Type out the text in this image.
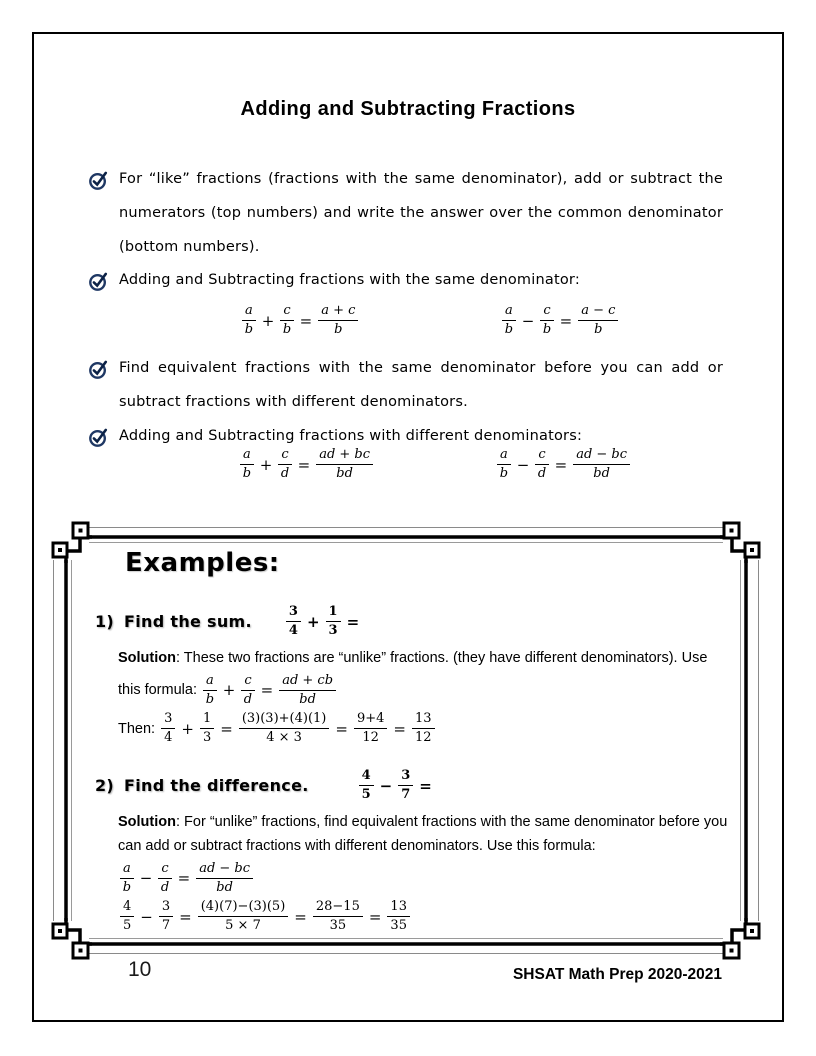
Adding and Subtracting Fractions

For “like” fractions (fractions with the same denominator), add or subtract the numerators (top numbers) and write the answer over the common denominator (bottom numbers).

Adding and Subtracting fractions with the same denominator:

$\frac{a}{b} + \frac{c}{b} = \frac{a + c}{b}$	$\frac{a}{b} - \frac{c}{b} = \frac{a - c}{b}$

Find equivalent fractions with the same denominator before you can add or subtract fractions with different denominators.

Adding and Subtracting fractions with different denominators:

$\frac{a}{b} + \frac{c}{d} = \frac{ad + bc}{bd}$	$\frac{a}{b} - \frac{c}{d} = \frac{ad - bc}{bd}$
Examples:
1) Find the sum.	$\frac{3}{4} + \frac{1}{3}$ =

Solution: These two fractions are “unlike” fractions. (they have different denominators). Use

this formula: $\frac{a}{b} + \frac{c}{d} = \frac{ad + cb}{bd}$
Then: $\frac{3}{4} + \frac{1}{3} = \frac{(3)(3)+(4)(1)}{4 \times 3} = \frac{9+4}{12} = \frac{13}{12}$
2) Find the difference.	$\frac{4}{5} - \frac{3}{7}$ =

Solution: For “unlike” fractions, find equivalent fractions with the same denominator before you can add or subtract fractions with different denominators. Use this formula:

$\frac{a}{b} - \frac{c}{d} = \frac{ad - bc}{bd}$
$\frac{4}{5} - \frac{3}{7} = \frac{(4)(7)-(3)(5)}{5 \times 7} = \frac{28-15}{35} = \frac{13}{35}$
10	SHSAT Math Prep 2020-2021
